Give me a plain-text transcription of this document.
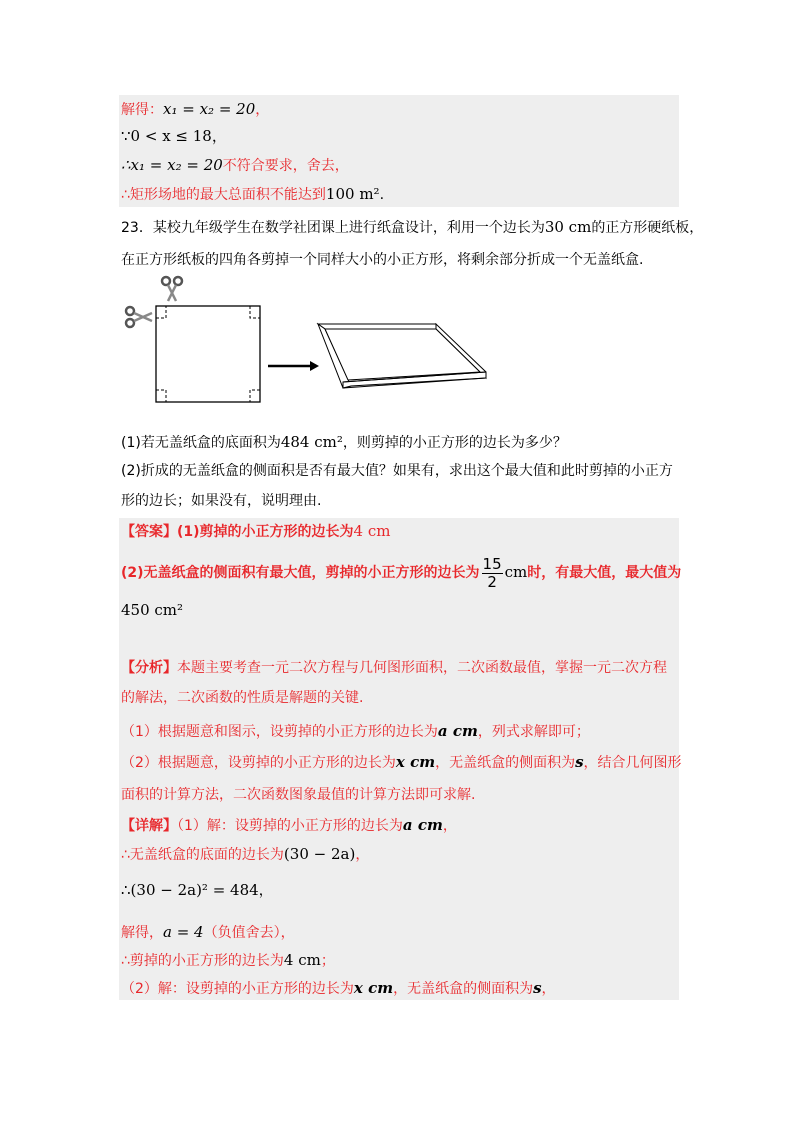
解得：x₁ = x₂ = 20，
∵0 < x ≤ 18，
∴x₁ = x₂ = 20不符合要求，舍去，
∴矩形场地的最大总面积不能达到100 m².
23．某校九年级学生在数学社团课上进行纸盒设计，利用一个边长为30 cm的正方形硬纸板，
在正方形纸板的四角各剪掉一个同样大小的小正方形，将剩余部分折成一个无盖纸盒.
(1)若无盖纸盒的底面积为484 cm²，则剪掉的小正方形的边长为多少？
(2)折成的无盖纸盒的侧面积是否有最大值？如果有，求出这个最大值和此时剪掉的小正方
形的边长；如果没有，说明理由.
【答案】(1)剪掉的小正方形的边长为4 cm
(2)无盖纸盒的侧面积有最大值，剪掉的小正方形的边长为 $\frac{15}{2}$ cm时，有最大值，最大值为
450 cm²
【分析】本题主要考查一元二次方程与几何图形面积，二次函数最值，掌握一元二次方程
的解法，二次函数的性质是解题的关键.
（1）根据题意和图示，设剪掉的小正方形的边长为a cm，列式求解即可；
（2）根据题意，设剪掉的小正方形的边长为x cm，无盖纸盒的侧面积为s，结合几何图形
面积的计算方法，二次函数图象最值的计算方法即可求解.
【详解】（1）解：设剪掉的小正方形的边长为a cm，
∴无盖纸盒的底面的边长为(30 − 2a)，
∴(30 − 2a)² = 484，
解得，a = 4（负值舍去），
∴剪掉的小正方形的边长为4 cm；
（2）解：设剪掉的小正方形的边长为x cm，无盖纸盒的侧面积为s，
